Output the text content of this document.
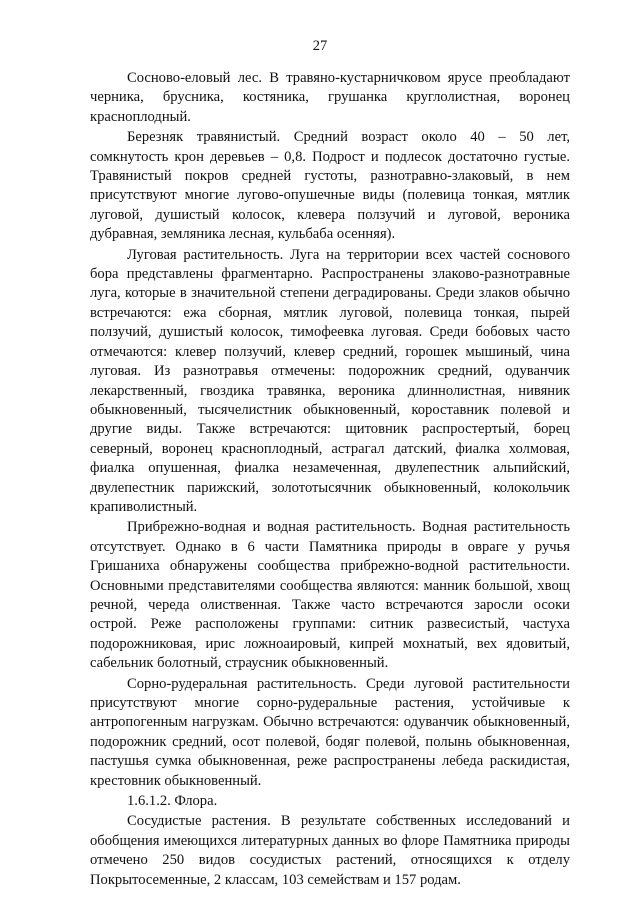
27

Сосново-еловый лес. В травяно-кустарничковом ярусе преобладают черника, брусника, костяника, грушанка круглолистная, воронец красноплодный.

Березняк травянистый. Средний возраст около 40 – 50 лет, сомкнутость крон деревьев – 0,8. Подрост и подлесок достаточно густые. Травянистый покров средней густоты, разнотравно-злаковый, в нем присутствуют многие лугово-опушечные виды (полевица тонкая, мятлик луговой, душистый колосок, клевера ползучий и луговой, вероника дубравная, земляника лесная, кульбаба осенняя).

Луговая растительность. Луга на территории всех частей соснового бора представлены фрагментарно. Распространены злаково-разнотравные луга, которые в значительной степени деградированы. Среди злаков обычно встречаются: ежа сборная, мятлик луговой, полевица тонкая, пырей ползучий, душистый колосок, тимофеевка луговая. Среди бобовых часто отмечаются: клевер ползучий, клевер средний, горошек мышиный, чина луговая. Из разнотравья отмечены: подорожник средний, одуванчик лекарственный, гвоздика травянка, вероника длиннолистная, нивяник обыкновенный, тысячелистник обыкновенный, короставник полевой и другие виды. Также встречаются: щитовник распростертый, борец северный, воронец красноплодный, астрагал датский, фиалка холмовая, фиалка опушенная, фиалка незамеченная, двулепестник альпийский, двулепестник парижский, золототысячник обыкновенный, колокольчик крапиволистный.

Прибрежно-водная и водная растительность. Водная растительность отсутствует. Однако в 6 части Памятника природы в овраге у ручья Гришаниха обнаружены сообщества прибрежно-водной растительности. Основными представителями сообщества являются: манник большой, хвощ речной, череда олиственная. Также часто встречаются заросли осоки острой. Реже расположены группами: ситник развесистый, частуха подорожниковая, ирис ложноаировый, кипрей мохнатый, вех ядовитый, сабельник болотный, страусник обыкновенный.

Сорно-рудеральная растительность. Среди луговой растительности присутствуют многие сорно-рудеральные растения, устойчивые к антропогенным нагрузкам. Обычно встречаются: одуванчик обыкновенный, подорожник средний, осот полевой, бодяг полевой, полынь обыкновенная, пастушья сумка обыкновенная, реже распространены лебеда раскидистая, крестовник обыкновенный.

1.6.1.2. Флора.

Сосудистые растения. В результате собственных исследований и обобщения имеющихся литературных данных во флоре Памятника природы отмечено 250 видов сосудистых растений, относящихся к отделу Покрытосеменные, 2 классам, 103 семействам и 157 родам.
